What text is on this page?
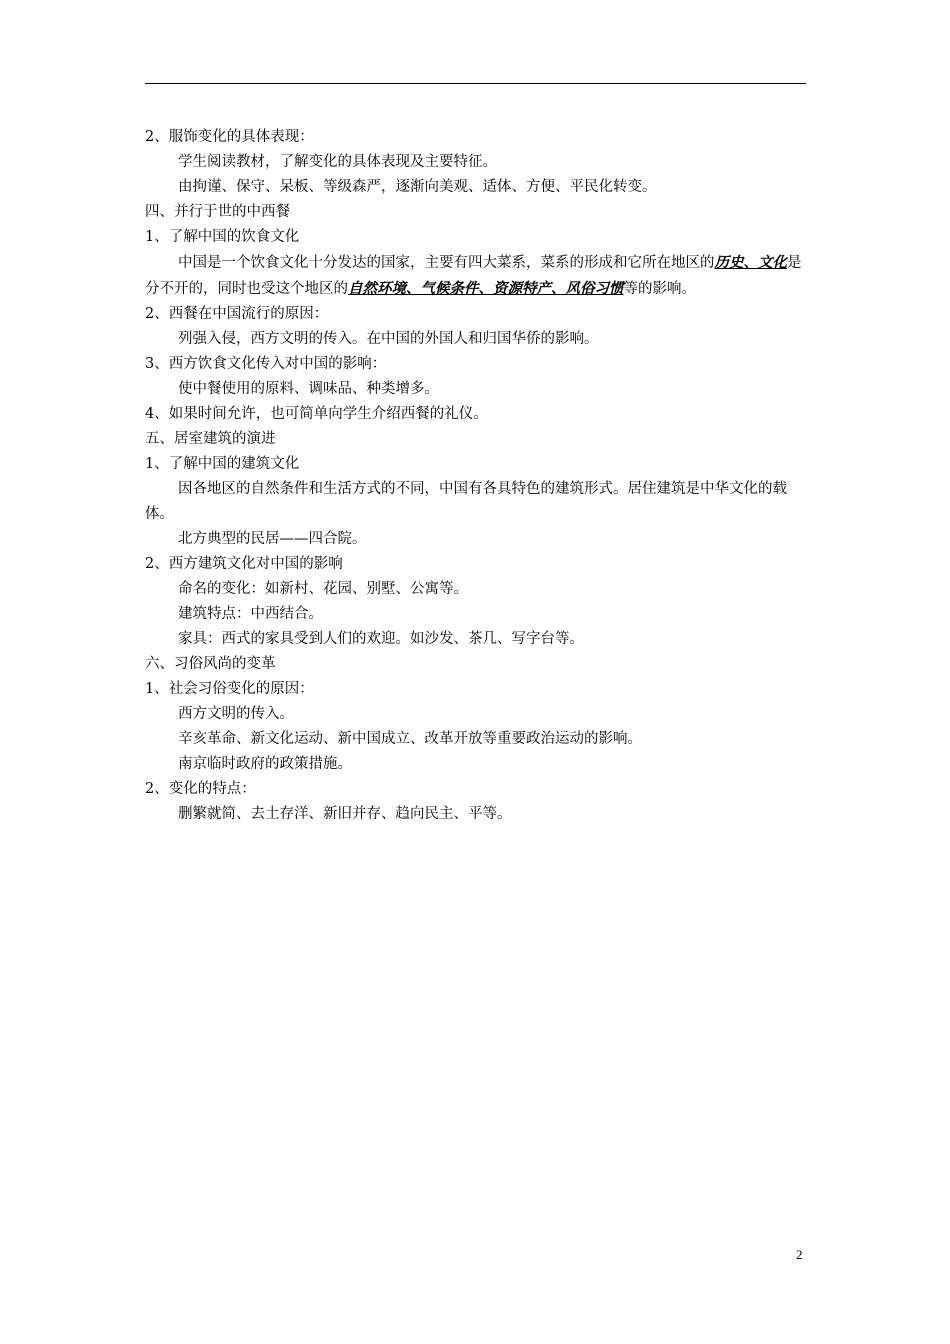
2、服饰变化的具体表现：

学生阅读教材，了解变化的具体表现及主要特征。

由拘谨、保守、呆板、等级森严，逐渐向美观、适体、方便、平民化转变。

四、并行于世的中西餐

1、了解中国的饮食文化

中国是一个饮食文化十分发达的国家，主要有四大菜系，菜系的形成和它所在地区的历史、文化是分不开的，同时也受这个地区的自然环境、气候条件、资源特产、风俗习惯等的影响。

2、西餐在中国流行的原因：

列强入侵，西方文明的传入。在中国的外国人和归国华侨的影响。

3、西方饮食文化传入对中国的影响：

使中餐使用的原料、调味品、种类增多。

4、如果时间允许，也可简单向学生介绍西餐的礼仪。

五、居室建筑的演进

1、了解中国的建筑文化

因各地区的自然条件和生活方式的不同，中国有各具特色的建筑形式。居住建筑是中华文化的载体。

北方典型的民居——四合院。

2、西方建筑文化对中国的影响

命名的变化：如新村、花园、别墅、公寓等。

建筑特点：中西结合。

家具：西式的家具受到人们的欢迎。如沙发、茶几、写字台等。

六、习俗风尚的变革

1、社会习俗变化的原因：

西方文明的传入。

辛亥革命、新文化运动、新中国成立、改革开放等重要政治运动的影响。

南京临时政府的政策措施。

2、变化的特点：

删繁就简、去土存洋、新旧并存、趋向民主、平等。

2
